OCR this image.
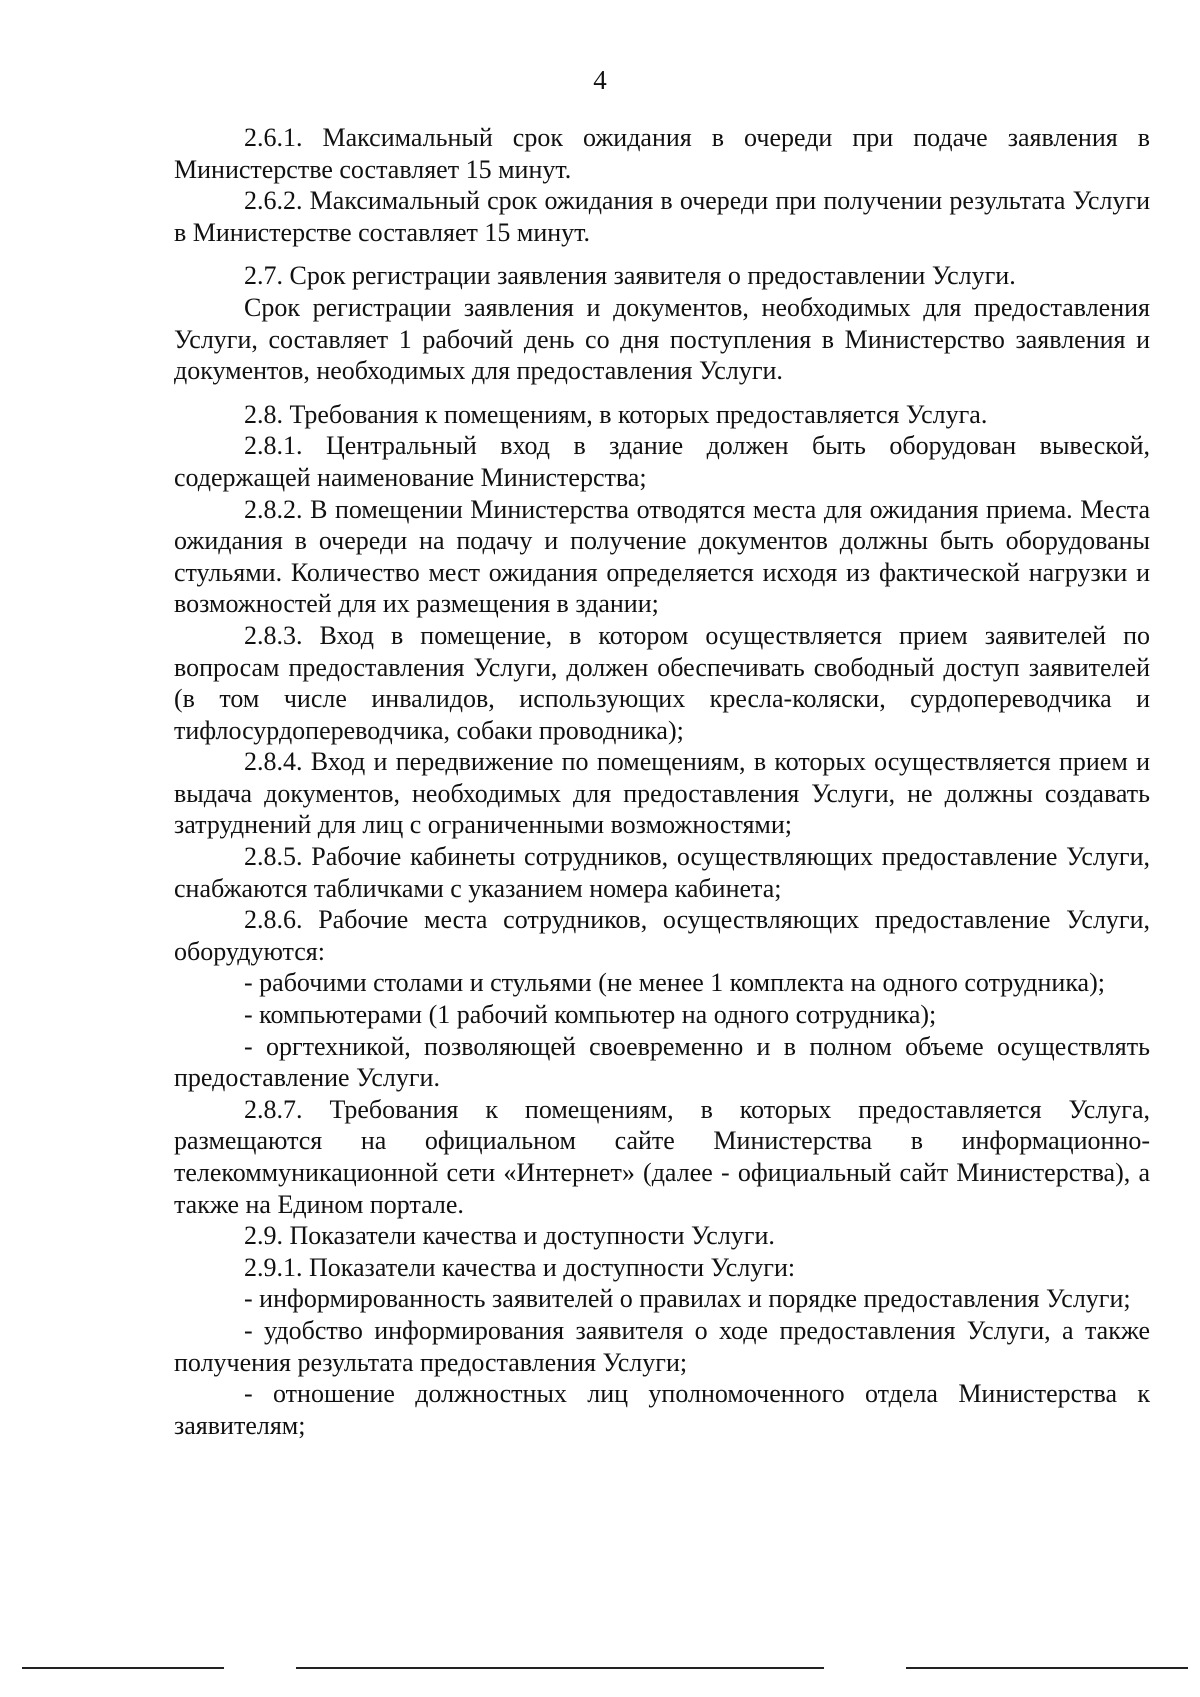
4

2.6.1. Максимальный срок ожидания в очереди при подаче заявления в Министерстве составляет 15 минут.

2.6.2. Максимальный срок ожидания в очереди при получении результата Услуги в Министерстве составляет 15 минут.

2.7. Срок регистрации заявления заявителя о предоставлении Услуги.

Срок регистрации заявления и документов, необходимых для предоставления Услуги, составляет 1 рабочий день со дня поступления в Министерство заявления и документов, необходимых для предоставления Услуги.

2.8. Требования к помещениям, в которых предоставляется Услуга.

2.8.1. Центральный вход в здание должен быть оборудован вывеской, содержащей наименование Министерства;

2.8.2. В помещении Министерства отводятся места для ожидания приема. Места ожидания в очереди на подачу и получение документов должны быть оборудованы стульями. Количество мест ожидания определяется исходя из фактической нагрузки и возможностей для их размещения в здании;

2.8.3. Вход в помещение, в котором осуществляется прием заявителей по вопросам предоставления Услуги, должен обеспечивать свободный доступ заявителей (в том числе инвалидов, использующих кресла-коляски, сурдопереводчика и тифлосурдопереводчика, собаки проводника);

2.8.4. Вход и передвижение по помещениям, в которых осуществляется прием и выдача документов, необходимых для предоставления Услуги, не должны создавать затруднений для лиц с ограниченными возможностями;

2.8.5. Рабочие кабинеты сотрудников, осуществляющих предоставление Услуги, снабжаются табличками с указанием номера кабинета;

2.8.6. Рабочие места сотрудников, осуществляющих предоставление Услуги, оборудуются:

- рабочими столами и стульями (не менее 1 комплекта на одного сотрудника);

- компьютерами (1 рабочий компьютер на одного сотрудника);

- оргтехникой, позволяющей своевременно и в полном объеме осуществлять предоставление Услуги.

2.8.7. Требования к помещениям, в которых предоставляется Услуга, размещаются на официальном сайте Министерства в информационно-телекоммуникационной сети «Интернет» (далее - официальный сайт Министерства), а также на Едином портале.

2.9. Показатели качества и доступности Услуги.

2.9.1. Показатели качества и доступности Услуги:

- информированность заявителей о правилах и порядке предоставления Услуги;

- удобство информирования заявителя о ходе предоставления Услуги, а также получения результата предоставления Услуги;

- отношение должностных лиц уполномоченного отдела Министерства к заявителям;
